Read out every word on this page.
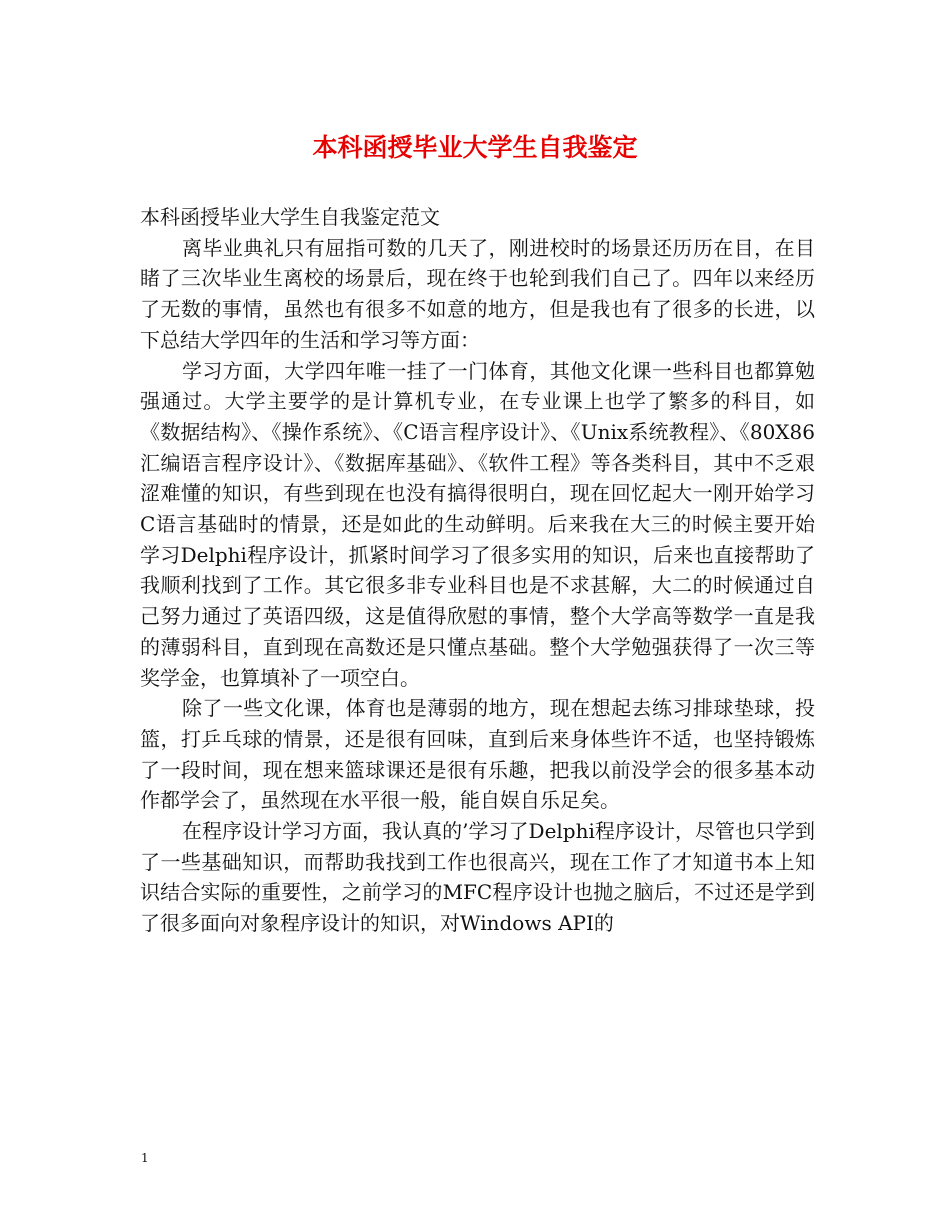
本科函授毕业大学生自我鉴定

本科函授毕业大学生自我鉴定范文

离毕业典礼只有屈指可数的几天了，刚进校时的场景还历历在目，在目睹了三次毕业生离校的场景后，现在终于也轮到我们自己了。四年以来经历了无数的事情，虽然也有很多不如意的地方，但是我也有了很多的长进，以下总结大学四年的生活和学习等方面：

学习方面，大学四年唯一挂了一门体育，其他文化课一些科目也都算勉强通过。大学主要学的是计算机专业，在专业课上也学了繁多的科目，如《数据结构》、《操作系统》、《C语言程序设计》、《Unix系统教程》、《80X86汇编语言程序设计》、《数据库基础》、《软件工程》等各类科目，其中不乏艰涩难懂的知识，有些到现在也没有搞得很明白，现在回忆起大一刚开始学习C语言基础时的情景，还是如此的生动鲜明。后来我在大三的时候主要开始学习Delphi程序设计，抓紧时间学习了很多实用的知识，后来也直接帮助了我顺利找到了工作。其它很多非专业科目也是不求甚解，大二的时候通过自己努力通过了英语四级，这是值得欣慰的事情，整个大学高等数学一直是我的薄弱科目，直到现在高数还是只懂点基础。整个大学勉强获得了一次三等奖学金，也算填补了一项空白。

除了一些文化课，体育也是薄弱的地方，现在想起去练习排球垫球，投篮，打乒乓球的情景，还是很有回味，直到后来身体些许不适，也坚持锻炼了一段时间，现在想来篮球课还是很有乐趣，把我以前没学会的很多基本动作都学会了，虽然现在水平很一般，能自娱自乐足矣。

在程序设计学习方面，我认真的’学习了Delphi程序设计，尽管也只学到了一些基础知识，而帮助我找到工作也很高兴，现在工作了才知道书本上知识结合实际的重要性，之前学习的MFC程序设计也抛之脑后，不过还是学到了很多面向对象程序设计的知识，对Windows API的

1
